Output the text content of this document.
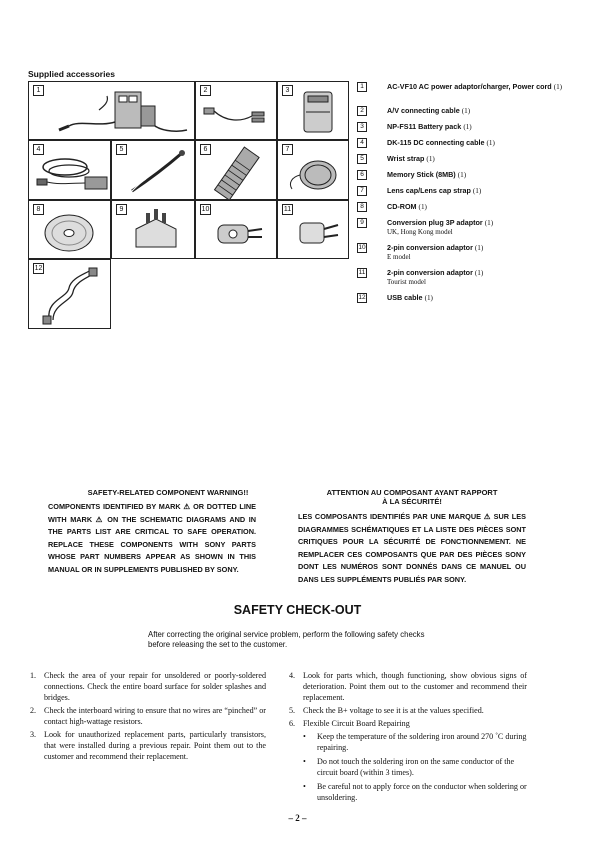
Supplied accessories
1	2	3
4	5	6	7
8	9	10	11
12
1	AC-VF10 AC power adaptor/charger, Power cord (1)
2	A/V connecting cable (1)
3	NP-FS11 Battery pack (1)
4	DK-115 DC connecting cable (1)
5	Wrist strap (1)
6	Memory Stick (8MB) (1)
7	Lens cap/Lens cap strap (1)
8	CD-ROM (1)
9	Conversion plug 3P adaptor (1)
UK, Hong Kong model
10	2-pin conversion adaptor (1)
E model
11	2-pin conversion adaptor (1)
Tourist model
12	USB cable (1)
SAFETY-RELATED COMPONENT WARNING!!
COMPONENTS IDENTIFIED BY MARK ⚠ OR DOTTED LINE WITH MARK ⚠ ON THE SCHEMATIC DIAGRAMS AND IN THE PARTS LIST ARE CRITICAL TO SAFE OPERATION. REPLACE THESE COMPONENTS WITH SONY PARTS WHOSE PART NUMBERS APPEAR AS SHOWN IN THIS MANUAL OR IN SUPPLEMENTS PUBLISHED BY SONY.
ATTENTION AU COMPOSANT AYANT RAPPORT
À LA SÉCURITÉ!
LES COMPOSANTS IDENTIFIÉS PAR UNE MARQUE ⚠ SUR LES DIAGRAMMES SCHÉMATIQUES ET LA LISTE DES PIÈCES SONT CRITIQUES POUR LA SÉCURITÉ DE FONCTIONNEMENT. NE REMPLACER CES COMPOSANTS QUE PAR DES PIÈCES SONY DONT LES NUMÉROS SONT DONNÉS DANS CE MANUEL OU DANS LES SUPPLÉMENTS PUBLIÉS PAR SONY.
SAFETY CHECK-OUT
After correcting the original service problem, perform the following safety checks before releasing the set to the customer.
1. Check the area of your repair for unsoldered or poorly-soldered connections. Check the entire board surface for solder splashes and bridges.
2. Check the interboard wiring to ensure that no wires are “pinched” or contact high-wattage resistors.
3. Look for unauthorized replacement parts, particularly transistors, that were installed during a previous repair. Point them out to the customer and recommend their replacement.
4. Look for parts which, though functioning, show obvious signs of deterioration. Point them out to the customer and recommend their replacement.
5. Check the B+ voltage to see it is at the values specified.
6. Flexible Circuit Board Repairing
• Keep the temperature of the soldering iron around 270 ˚C during repairing.
• Do not touch the soldering iron on the same conductor of the circuit board (within 3 times).
• Be careful not to apply force on the conductor when soldering or unsoldering.
– 2 –
